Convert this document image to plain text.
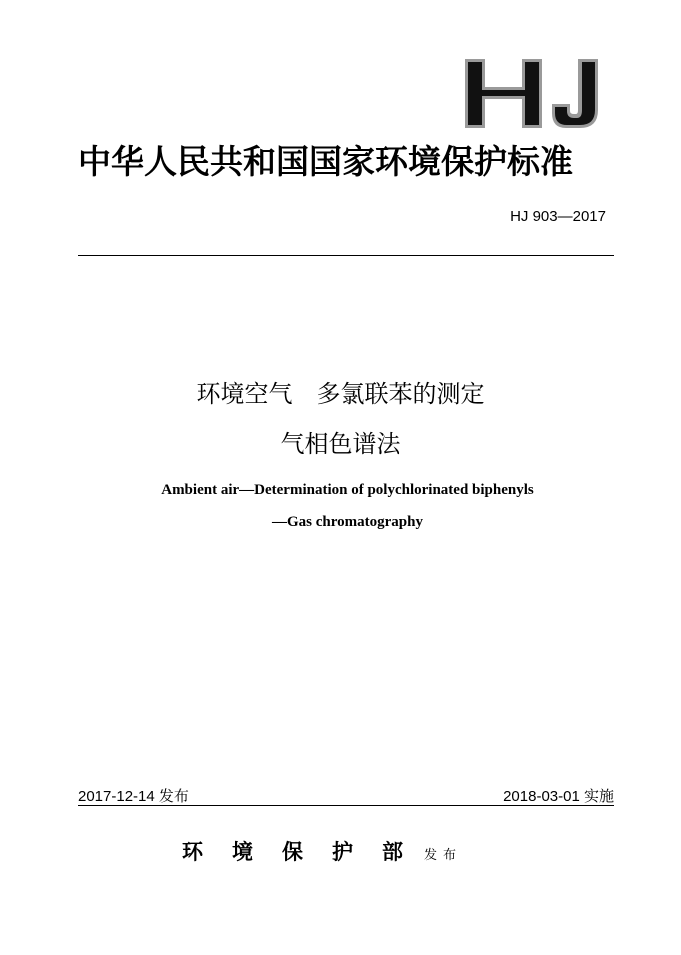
中华人民共和国国家环境保护标准
HJ 903—2017
环境空气　多氯联苯的测定
气相色谱法
Ambient air—Determination of polychlorinated biphenyls
—Gas chromatography
2017-12-14 发布	2018-03-01 实施
环境保护部
发布
